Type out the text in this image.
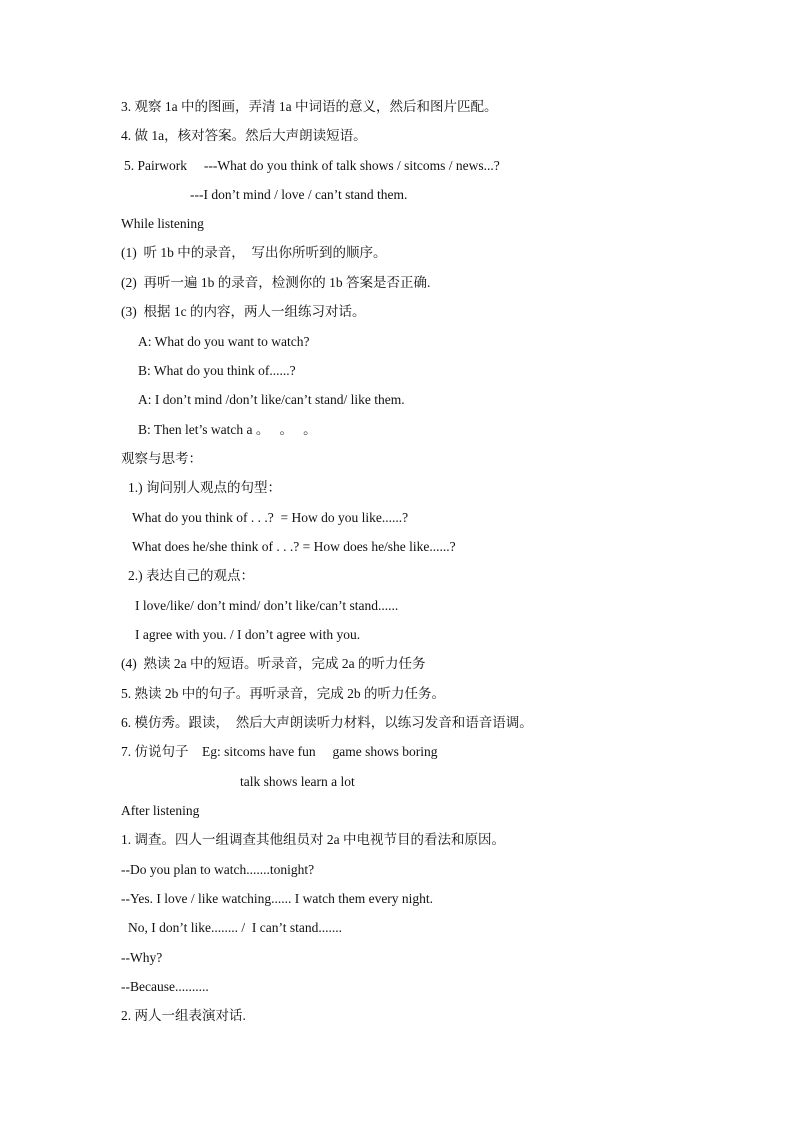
3. 观察 1a 中的图画，弄清 1a 中词语的意义，然后和图片匹配。
4. 做 1a，核对答案。然后大声朗读短语。
5. Pairwork     ---What do you think of talk shows / sitcoms / news...?
---I don’t mind / love / can’t stand them.
While listening
(1)  听 1b 中的录音，  写出你所听到的顺序。
(2)  再听一遍 1b 的录音，检测你的 1b 答案是否正确.
(3)  根据 1c 的内容，两人一组练习对话。
A: What do you want to watch?
B: What do you think of......?
A: I don’t mind /don’t like/can’t stand/ like them.
B: Then let’s watch a 。   。   。
观察与思考：
1.) 询问别人观点的句型：
What do you think of . . .?  = How do you like......?
What does he/she think of . . .? = How does he/she like......?
2.) 表达自己的观点：
I love/like/ don’t mind/ don’t like/can’t stand......
I agree with you. / I don’t agree with you.
(4)  熟读 2a 中的短语。听录音，完成 2a 的听力任务
5. 熟读 2b 中的句子。再听录音，完成 2b 的听力任务。
6. 模仿秀。跟读，  然后大声朗读听力材料，以练习发音和语音语调。
7. 仿说句子    Eg: sitcoms have fun     game shows boring
talk shows learn a lot
After listening
1. 调查。四人一组调查其他组员对 2a 中电视节目的看法和原因。
--Do you plan to watch.......tonight?
--Yes. I love / like watching...... I watch them every night.
No, I don’t like........ /  I can’t stand.......
--Why?
--Because..........
2. 两人一组表演对话.
